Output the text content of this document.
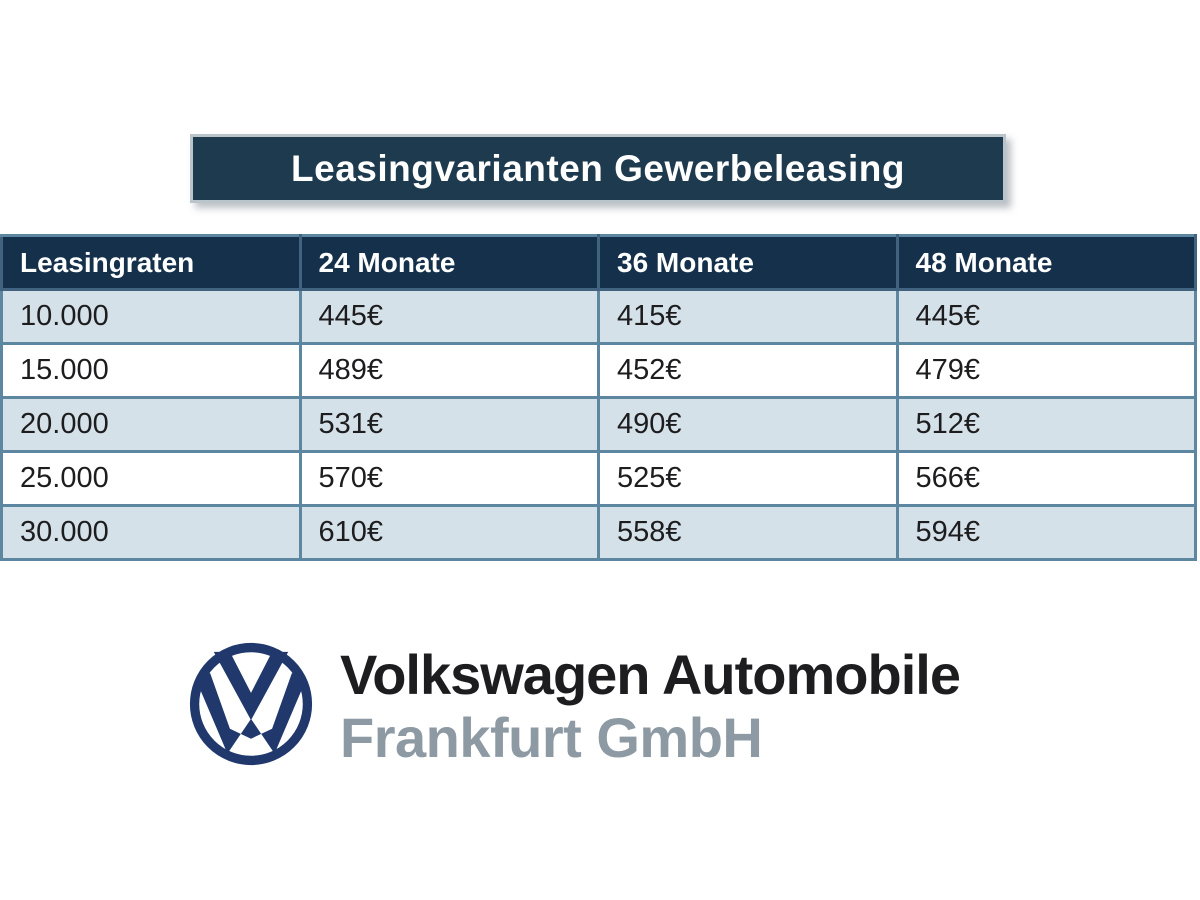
Leasingvarianten Gewerbeleasing
Leasingraten	24 Monate	36 Monate	48 Monate
10.000	445€	415€	445€
15.000	489€	452€	479€
20.000	531€	490€	512€
25.000	570€	525€	566€
30.000	610€	558€	594€
Volkswagen Automobile
Frankfurt GmbH
